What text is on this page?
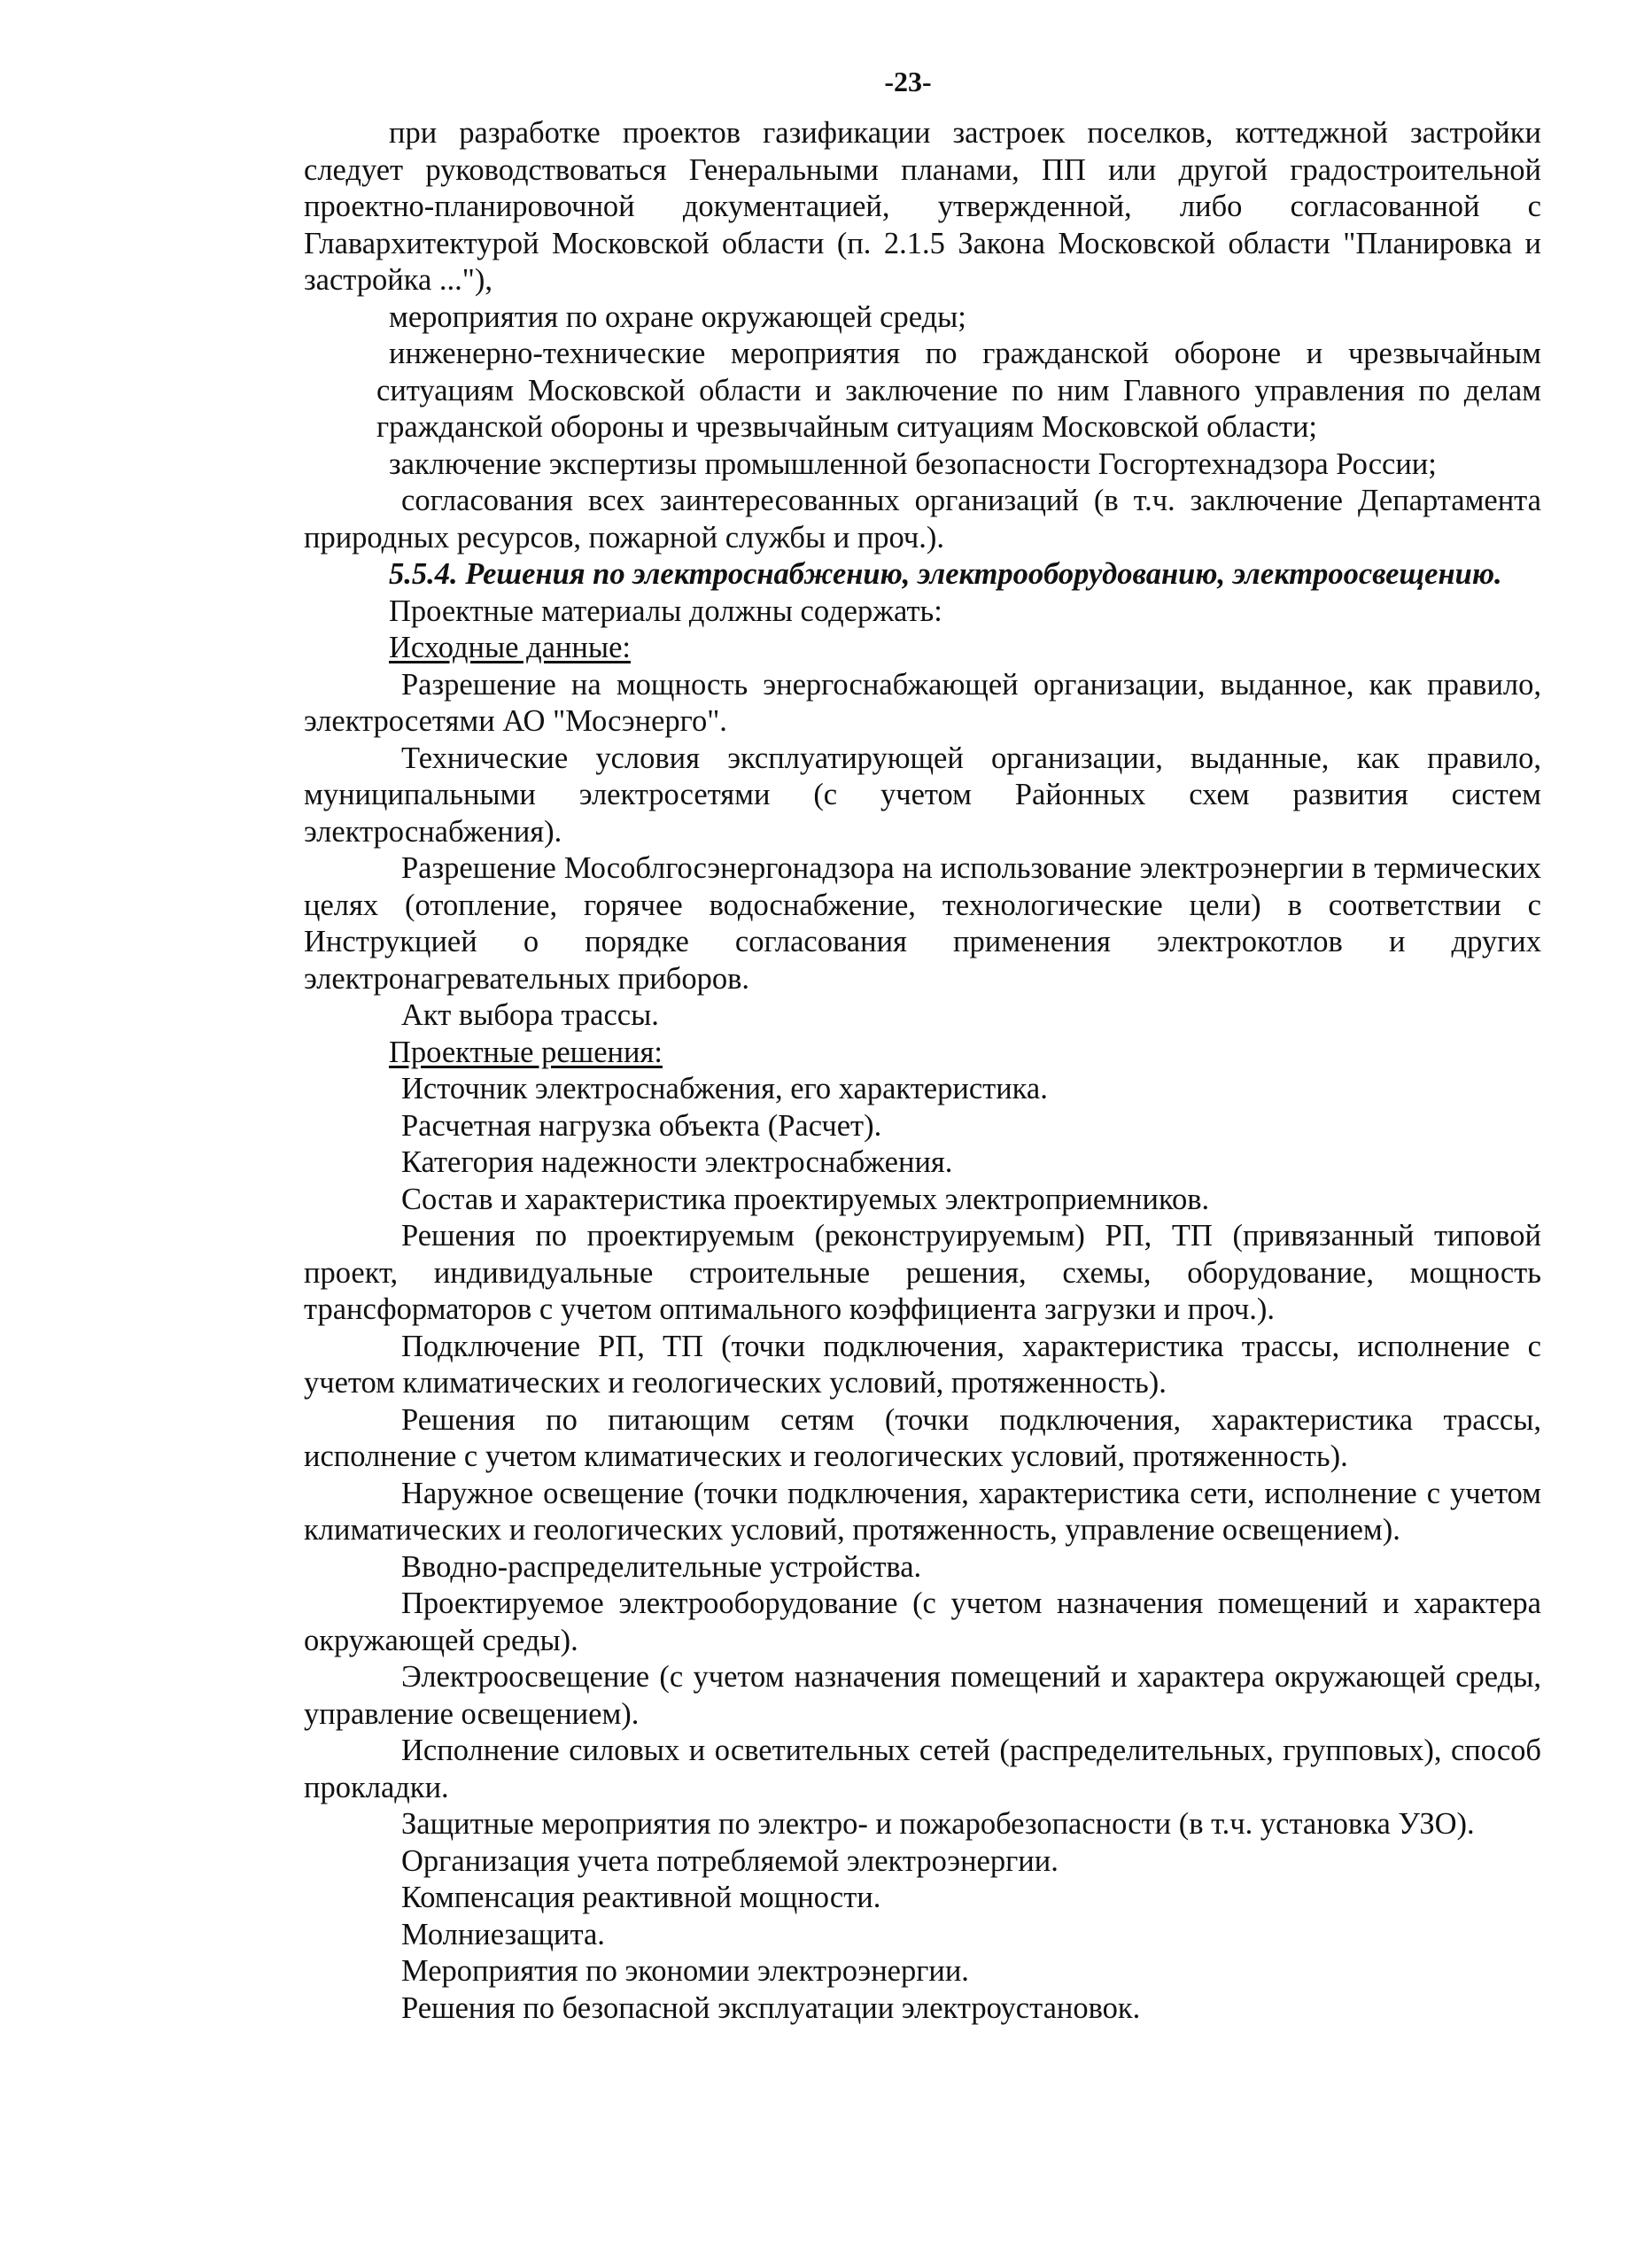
-23-

при разработке проектов газификации застроек поселков, коттеджной застройки следует руководствоваться Генеральными планами, ПП или другой градостроительной проектно-планировочной документацией, утвержденной, либо согласованной с Главархитектурой Московской области (п. 2.1.5 Закона Московской области "Планировка и застройка ..."),

мероприятия по охране окружающей среды;

инженерно-технические мероприятия по гражданской обороне и чрезвычайным ситуациям Московской области и заключение по ним Главного управления по делам гражданской обороны и чрезвычайным ситуациям Московской области;

заключение экспертизы промышленной безопасности Госгортехнадзора России;

согласования всех заинтересованных организаций (в т.ч. заключение Департамента природных ресурсов, пожарной службы и проч.).

5.5.4. Решения по электроснабжению, электрооборудованию, электроосвещению.

Проектные материалы должны содержать:

Исходные данные:

Разрешение на мощность энергоснабжающей организации, выданное, как правило, электросетями АО "Мосэнерго".

Технические условия эксплуатирующей организации, выданные, как правило, муниципальными электросетями (с учетом Районных схем развития систем электроснабжения).

Разрешение Мособлгосэнергонадзора на использование электроэнергии в термических целях (отопление, горячее водоснабжение, технологические цели) в соответствии с Инструкцией о порядке согласования применения электрокотлов и других электронагревательных приборов.

Акт выбора трассы.

Проектные решения:

Источник электроснабжения, его характеристика.

Расчетная нагрузка объекта (Расчет).

Категория надежности электроснабжения.

Состав и характеристика проектируемых электроприемников.

Решения по проектируемым (реконструируемым) РП, ТП (привязанный типовой проект, индивидуальные строительные решения, схемы, оборудование, мощность трансформаторов с учетом оптимального коэффициента загрузки и проч.).

Подключение РП, ТП (точки подключения, характеристика трассы, исполнение с учетом климатических и геологических условий, протяженность).

Решения по питающим сетям (точки подключения, характеристика трассы, исполнение с учетом климатических и геологических условий, протяженность).

Наружное освещение (точки подключения, характеристика сети, исполнение с учетом климатических и геологических условий, протяженность, управление освещением).

Вводно-распределительные устройства.

Проектируемое электрооборудование (с учетом назначения помещений и характера окружающей среды).

Электроосвещение (с учетом назначения помещений и характера окружающей среды, управление освещением).

Исполнение силовых и осветительных сетей (распределительных, групповых), способ прокладки.

Защитные мероприятия по электро- и пожаробезопасности (в т.ч. установка УЗО).

Организация учета потребляемой электроэнергии.

Компенсация реактивной мощности.

Молниезащита.

Мероприятия по экономии электроэнергии.

Решения по безопасной эксплуатации электроустановок.
